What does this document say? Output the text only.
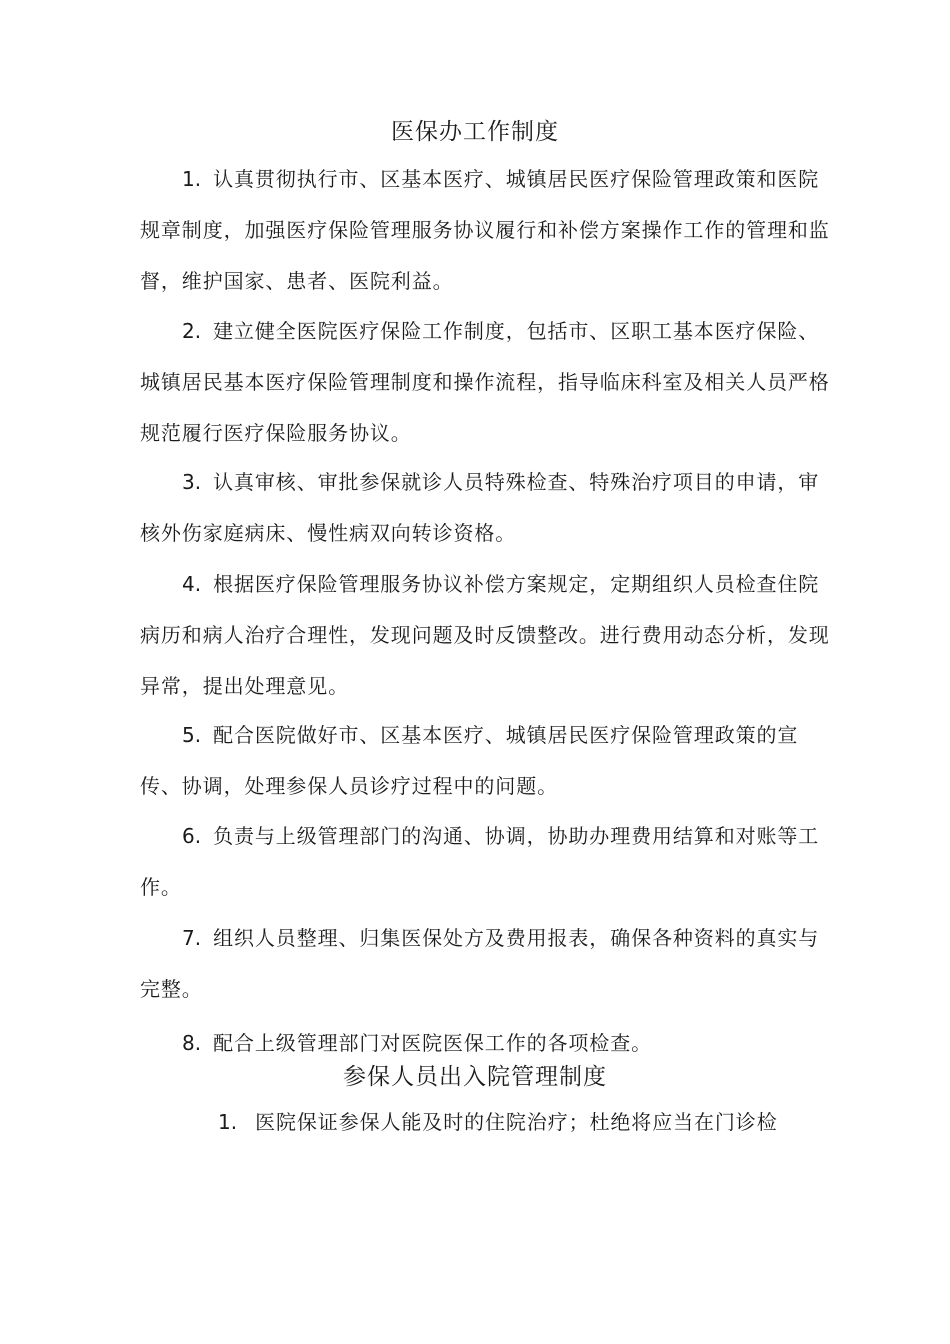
医保办工作制度
1. 认真贯彻执行市、区基本医疗、城镇居民医疗保险管理政策和医院规章制度，加强医疗保险管理服务协议履行和补偿方案操作工作的管理和监督，维护国家、患者、医院利益。
2. 建立健全医院医疗保险工作制度，包括市、区职工基本医疗保险、城镇居民基本医疗保险管理制度和操作流程，指导临床科室及相关人员严格规范履行医疗保险服务协议。
3. 认真审核、审批参保就诊人员特殊检查、特殊治疗项目的申请，审核外伤家庭病床、慢性病双向转诊资格。
4. 根据医疗保险管理服务协议补偿方案规定，定期组织人员检查住院病历和病人治疗合理性，发现问题及时反馈整改。进行费用动态分析，发现异常，提出处理意见。
5. 配合医院做好市、区基本医疗、城镇居民医疗保险管理政策的宣传、协调，处理参保人员诊疗过程中的问题。
6. 负责与上级管理部门的沟通、协调，协助办理费用结算和对账等工作。
7. 组织人员整理、归集医保处方及费用报表，确保各种资料的真实与完整。
8. 配合上级管理部门对医院医保工作的各项检查。
参保人员出入院管理制度
1. 医院保证参保人能及时的住院治疗；杜绝将应当在门诊检
